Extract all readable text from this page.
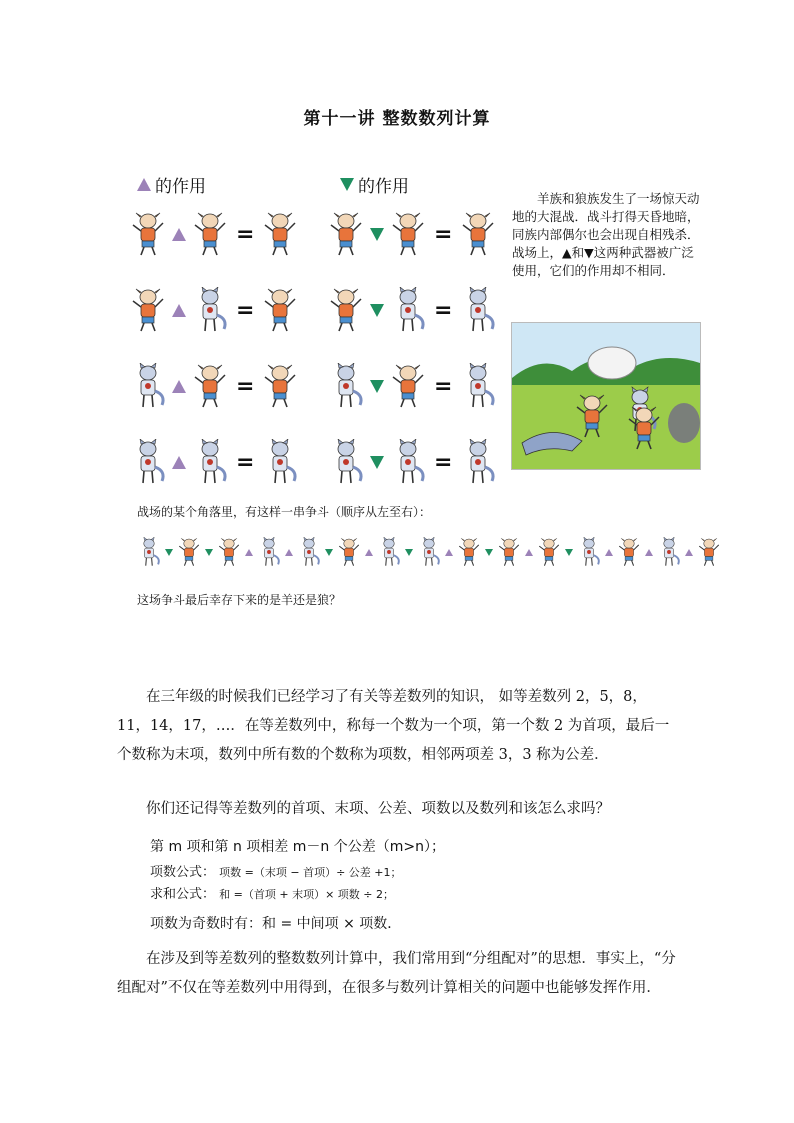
第十一讲 整数数列计算
的作用	的作用
=
=
=
=
=
=
=
=
羊族和狼族发生了一场惊天动地的大混战．战斗打得天昏地暗，同族内部偶尔也会出现自相残杀．战场上，▲和▼这两种武器被广泛使用，它们的作用却不相同．
战场的某个角落里，有这样一串争斗（顺序从左至右）：
这场争斗最后幸存下来的是羊还是狼？
在三年级的时候我们已经学习了有关等差数列的知识， 如等差数列 2，5，8，11，14，17，…．在等差数列中，称每一个数为一个项，第一个数 2 为首项，最后一个数称为末项，数列中所有数的个数称为项数，相邻两项差 3，3 称为公差．
你们还记得等差数列的首项、末项、公差、项数以及数列和该怎么求吗？
第 m 项和第 n 项相差 m－n 个公差（m>n）；
项数公式： 项数 =（末项 − 首项）÷ 公差 +1；
求和公式： 和 =（首项 + 末项）× 项数 ÷ 2；
项数为奇数时有：和 = 中间项 × 项数．
在涉及到等差数列的整数数列计算中，我们常用到“分组配对”的思想．事实上，“分组配对”不仅在等差数列中用得到，在很多与数列计算相关的问题中也能够发挥作用．
